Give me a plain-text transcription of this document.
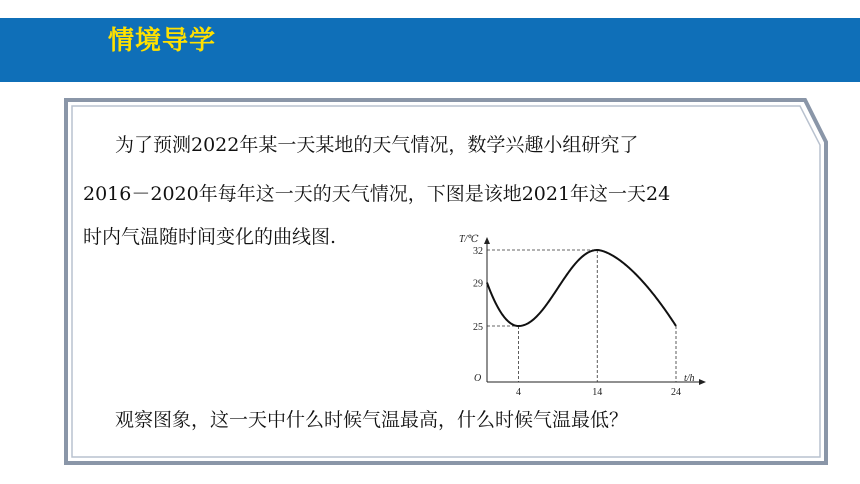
情境导学
为了预测2022年某一天某地的天气情况，数学兴趣小组研究了
2016－2020年每年这一天的天气情况，下图是该地2021年这一天24
时内气温随时间变化的曲线图.
观察图象，这一天中什么时候气温最高，什么时候气温最低？
T/℃
t/h
O
4	14	24
25
29
32
